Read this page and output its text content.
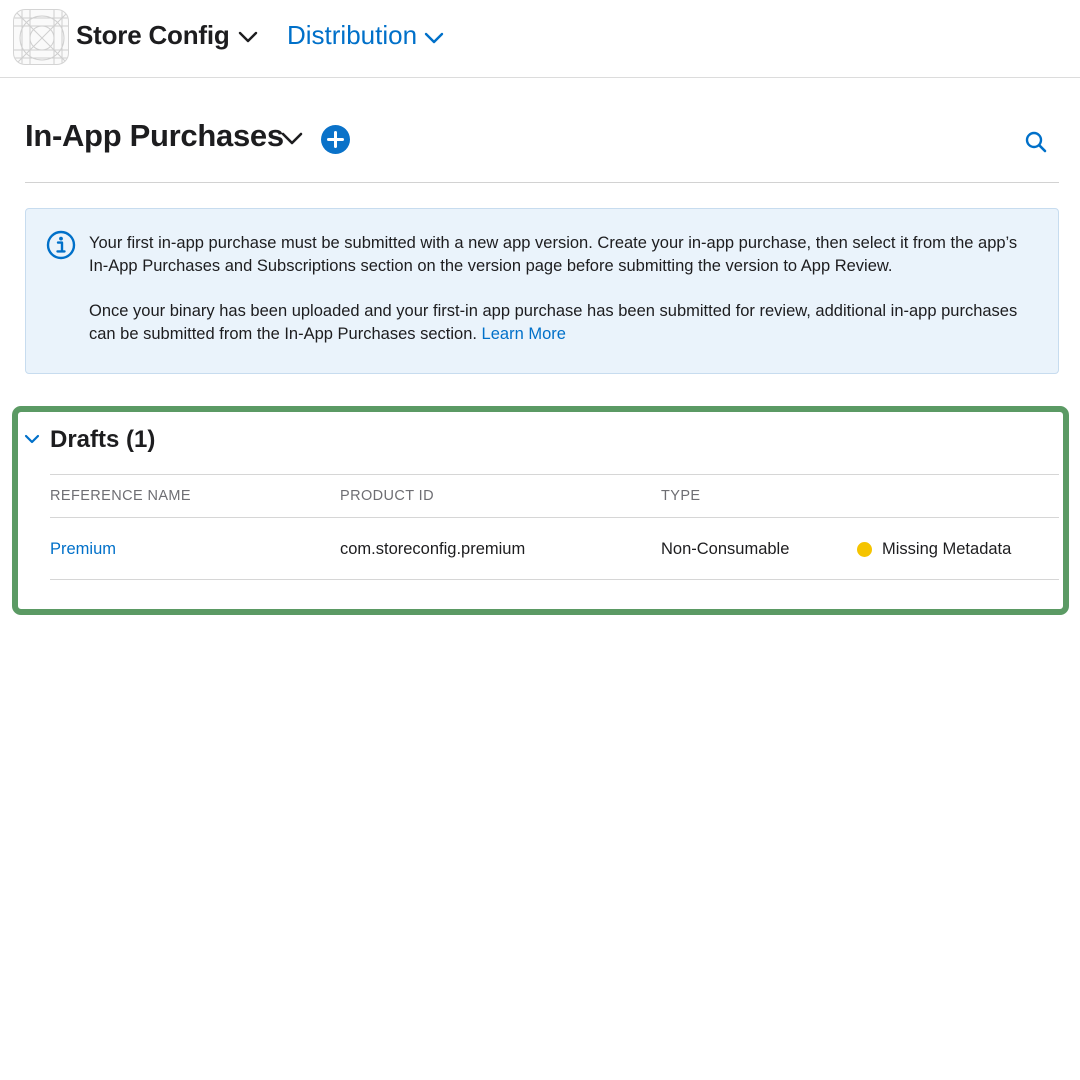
Store Config Distribution
In-App Purchases

Your first in-app purchase must be submitted with a new app version. Create your in-app purchase, then select it from the app’s In-App Purchases and Subscriptions section on the version page before submitting the version to App Review.

Once your binary has been uploaded and your first-in app purchase has been submitted for review, additional in-app purchases can be submitted from the In-App Purchases section. Learn More

Drafts (1)
REFERENCE NAME	PRODUCT ID	TYPE
Premium	com.storeconfig.premium	Non-Consumable	Missing Metadata
